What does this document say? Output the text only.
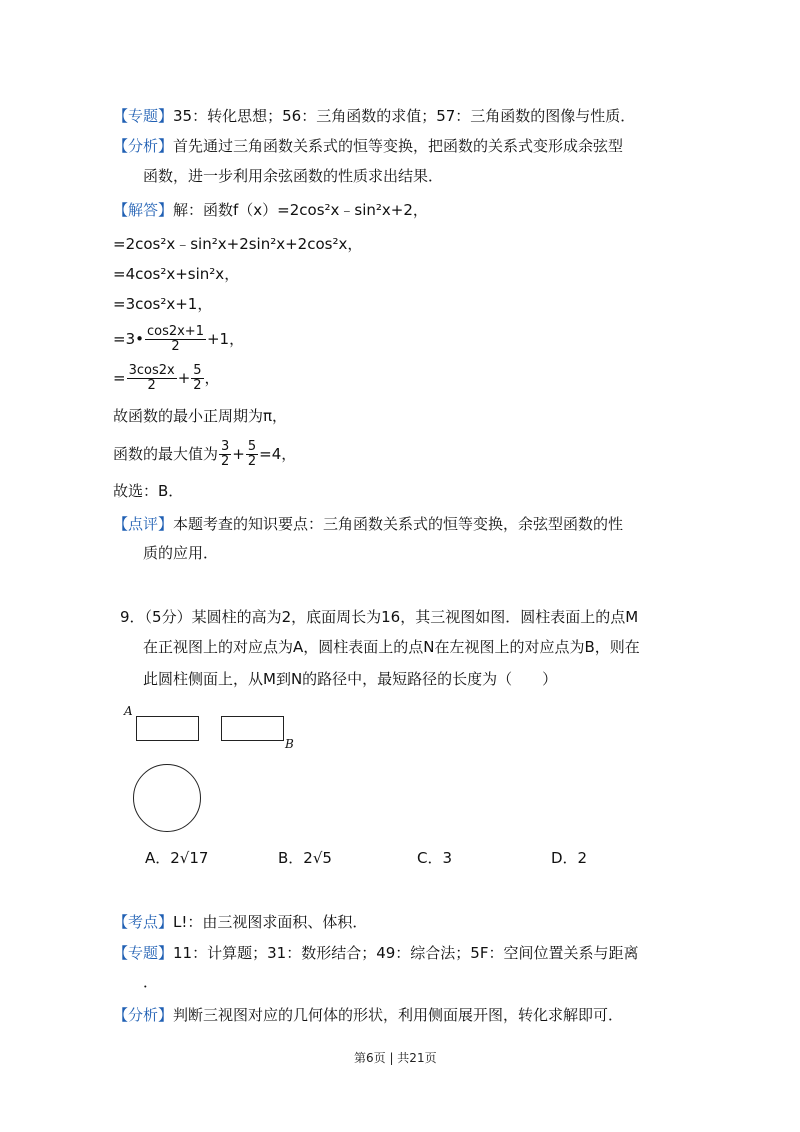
【专题】35：转化思想；56：三角函数的求值；57：三角函数的图像与性质．
【分析】首先通过三角函数关系式的恒等变换，把函数的关系式变形成余弦型
函数，进一步利用余弦函数的性质求出结果．
【解答】解：函数f（x）=2cos²x﹣sin²x+2，
=2cos²x﹣sin²x+2sin²x+2cos²x，
=4cos²x+sin²x，
=3cos²x+1，
=3• $\frac{\cos 2x+1}{2} +1$，
= $\frac{3\cos 2x}{2} + \frac{5}{2}$ ，
故函数的最小正周期为π，
函数的最大值为 $\frac{3}{2} + \frac{5}{2} =4$，
故选：B．
【点评】本题考查的知识要点：三角函数关系式的恒等变换，余弦型函数的性
质的应用．
9．（5分）某圆柱的高为2，底面周长为16，其三视图如图．圆柱表面上的点M
在正视图上的对应点为A，圆柱表面上的点N在左视图上的对应点为B，则在
此圆柱侧面上，从M到N的路径中，最短路径的长度为（　　）
A
B
A．2√17	B．2√5	C．3	D．2
【考点】L!：由三视图求面积、体积．
【专题】11：计算题；31：数形结合；49：综合法；5F：空间位置关系与距离
．
【分析】判断三视图对应的几何体的形状，利用侧面展开图，转化求解即可．
第6页 | 共21页
